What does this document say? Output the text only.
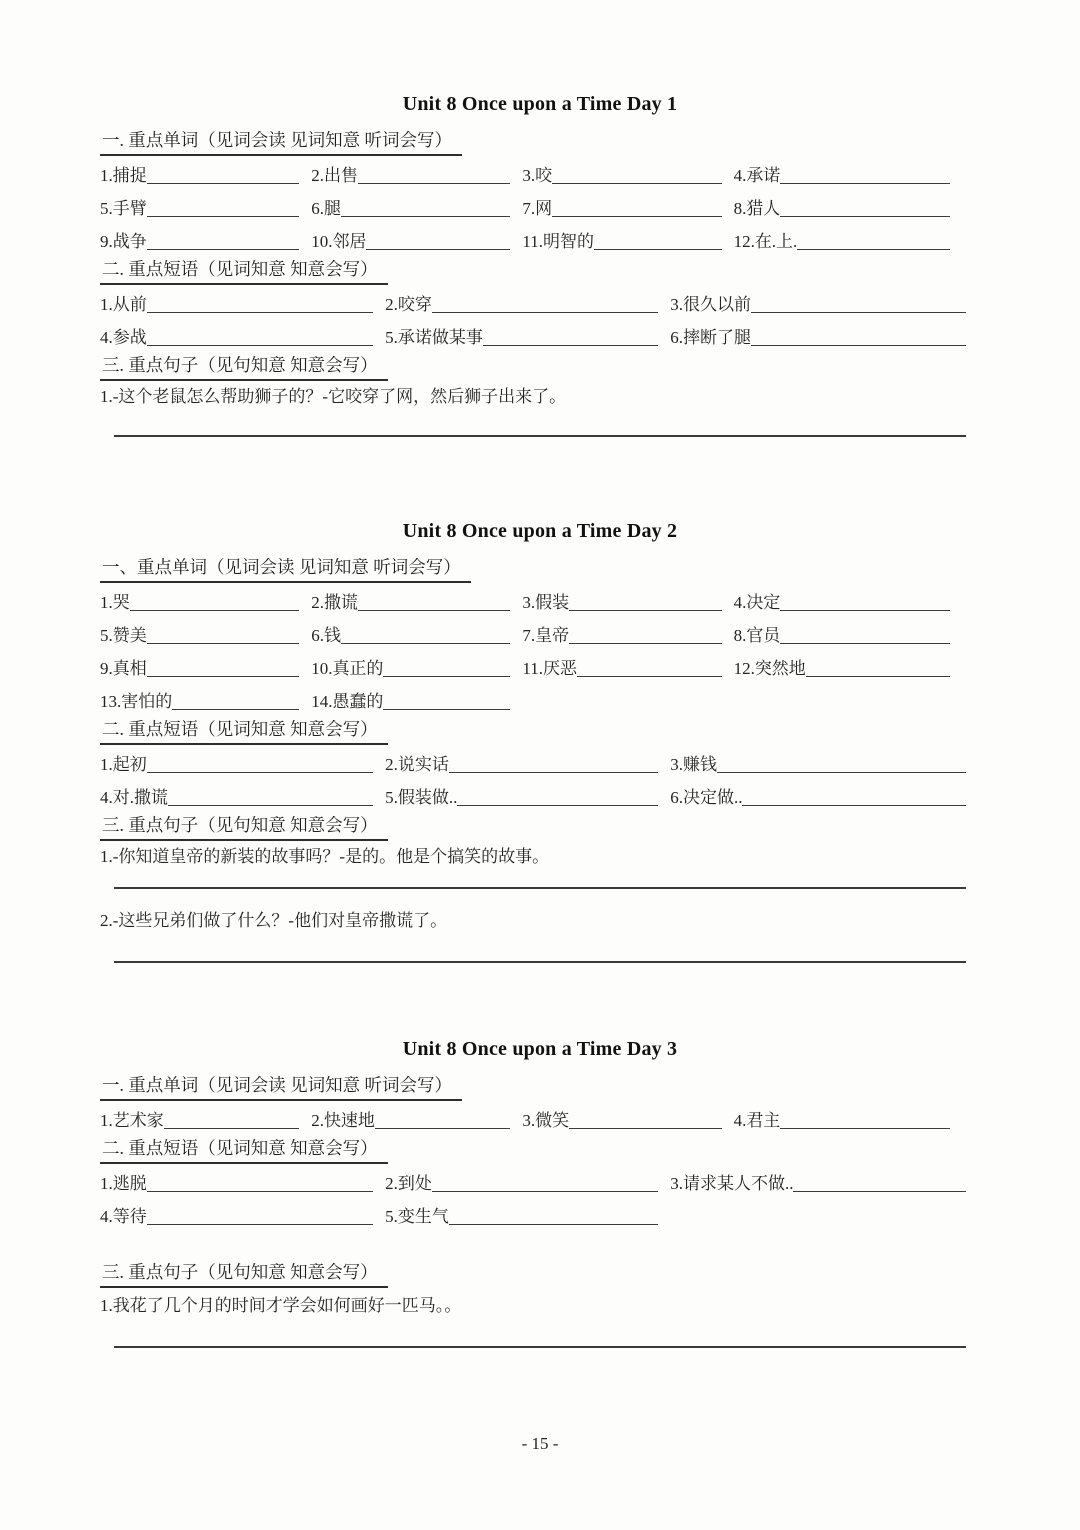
Unit 8 Once upon a Time Day 1
一. 重点单词（见词会读 见词知意 听词会写）
1.捕捉	2.出售	3.咬	4.承诺
5.手臂	6.腿	7.网	8.猎人
9.战争	10.邻居	11.明智的	12.在.上.
二. 重点短语（见词知意 知意会写）
1.从前	2.咬穿	3.很久以前
4.参战	5.承诺做某事	6.摔断了腿
三. 重点句子（见句知意 知意会写）
1.-这个老鼠怎么帮助狮子的？-它咬穿了网，然后狮子出来了。
Unit 8 Once upon a Time Day 2
一、重点单词（见词会读 见词知意 听词会写）
1.哭	2.撒谎	3.假装	4.决定
5.赞美	6.钱	7.皇帝	8.官员
9.真相	10.真正的	11.厌恶	12.突然地
13.害怕的	14.愚蠢的
二. 重点短语（见词知意 知意会写）
1.起初	2.说实话	3.赚钱
4.对.撒谎	5.假装做..	6.决定做..
三. 重点句子（见句知意 知意会写）
1.-你知道皇帝的新装的故事吗？-是的。他是个搞笑的故事。
2.-这些兄弟们做了什么？-他们对皇帝撒谎了。
Unit 8 Once upon a Time Day 3
一. 重点单词（见词会读 见词知意 听词会写）
1.艺术家	2.快速地	3.微笑	4.君主
二. 重点短语（见词知意 知意会写）
1.逃脱	2.到处	3.请求某人不做..
4.等待	5.变生气
三. 重点句子（见句知意 知意会写）
1.我花了几个月的时间才学会如何画好一匹马。。
- 15 -
